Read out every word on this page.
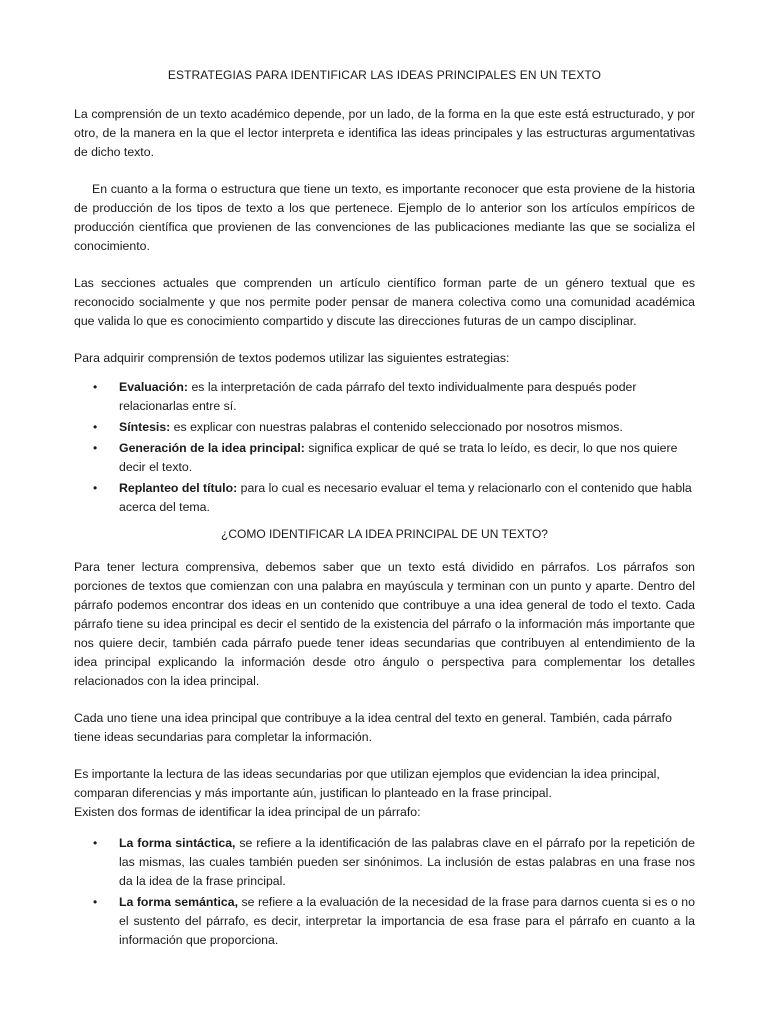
ESTRATEGIAS PARA IDENTIFICAR LAS IDEAS PRINCIPALES EN UN TEXTO

La comprensión de un texto académico depende, por un lado, de la forma en la que este está estructurado, y por otro, de la manera en la que el lector interpreta e identifica las ideas principales y las estructuras argumentativas de dicho texto.

En cuanto a la forma o estructura que tiene un texto, es importante reconocer que esta proviene de la historia de producción de los tipos de texto a los que pertenece. Ejemplo de lo anterior son los artículos empíricos de producción científica que provienen de las convenciones de las publicaciones mediante las que se socializa el conocimiento.

Las secciones actuales que comprenden un artículo científico forman parte de un género textual que es reconocido socialmente y que nos permite poder pensar de manera colectiva como una comunidad académica que valida lo que es conocimiento compartido y discute las direcciones futuras de un campo disciplinar.

Para adquirir comprensión de textos podemos utilizar las siguientes estrategias:

• Evaluación: es la interpretación de cada párrafo del texto individualmente para después poder relacionarlas entre sí.
• Síntesis: es explicar con nuestras palabras el contenido seleccionado por nosotros mismos.
• Generación de la idea principal: significa explicar de qué se trata lo leído, es decir, lo que nos quiere decir el texto.
• Replanteo del título: para lo cual es necesario evaluar el tema y relacionarlo con el contenido que habla acerca del tema.
¿COMO IDENTIFICAR LA IDEA PRINCIPAL DE UN TEXTO?

Para tener lectura comprensiva, debemos saber que un texto está dividido en párrafos. Los párrafos son porciones de textos que comienzan con una palabra en mayúscula y terminan con un punto y aparte. Dentro del párrafo podemos encontrar dos ideas en un contenido que contribuye a una idea general de todo el texto. Cada párrafo tiene su idea principal es decir el sentido de la existencia del párrafo o la información más importante que nos quiere decir, también cada párrafo puede tener ideas secundarias que contribuyen al entendimiento de la idea principal explicando la información desde otro ángulo o perspectiva para complementar los detalles relacionados con la idea principal.

Cada uno tiene una idea principal que contribuye a la idea central del texto en general. También, cada párrafo tiene ideas secundarias para completar la información.

Es importante la lectura de las ideas secundarias por que utilizan ejemplos que evidencian la idea principal, comparan diferencias y más importante aún, justifican lo planteado en la frase principal.

Existen dos formas de identificar la idea principal de un párrafo:

• La forma sintáctica, se refiere a la identificación de las palabras clave en el párrafo por la repetición de las mismas, las cuales también pueden ser sinónimos. La inclusión de estas palabras en una frase nos da la idea de la frase principal.
• La forma semántica, se refiere a la evaluación de la necesidad de la frase para darnos cuenta si es o no el sustento del párrafo, es decir, interpretar la importancia de esa frase para el párrafo en cuanto a la información que proporciona.
